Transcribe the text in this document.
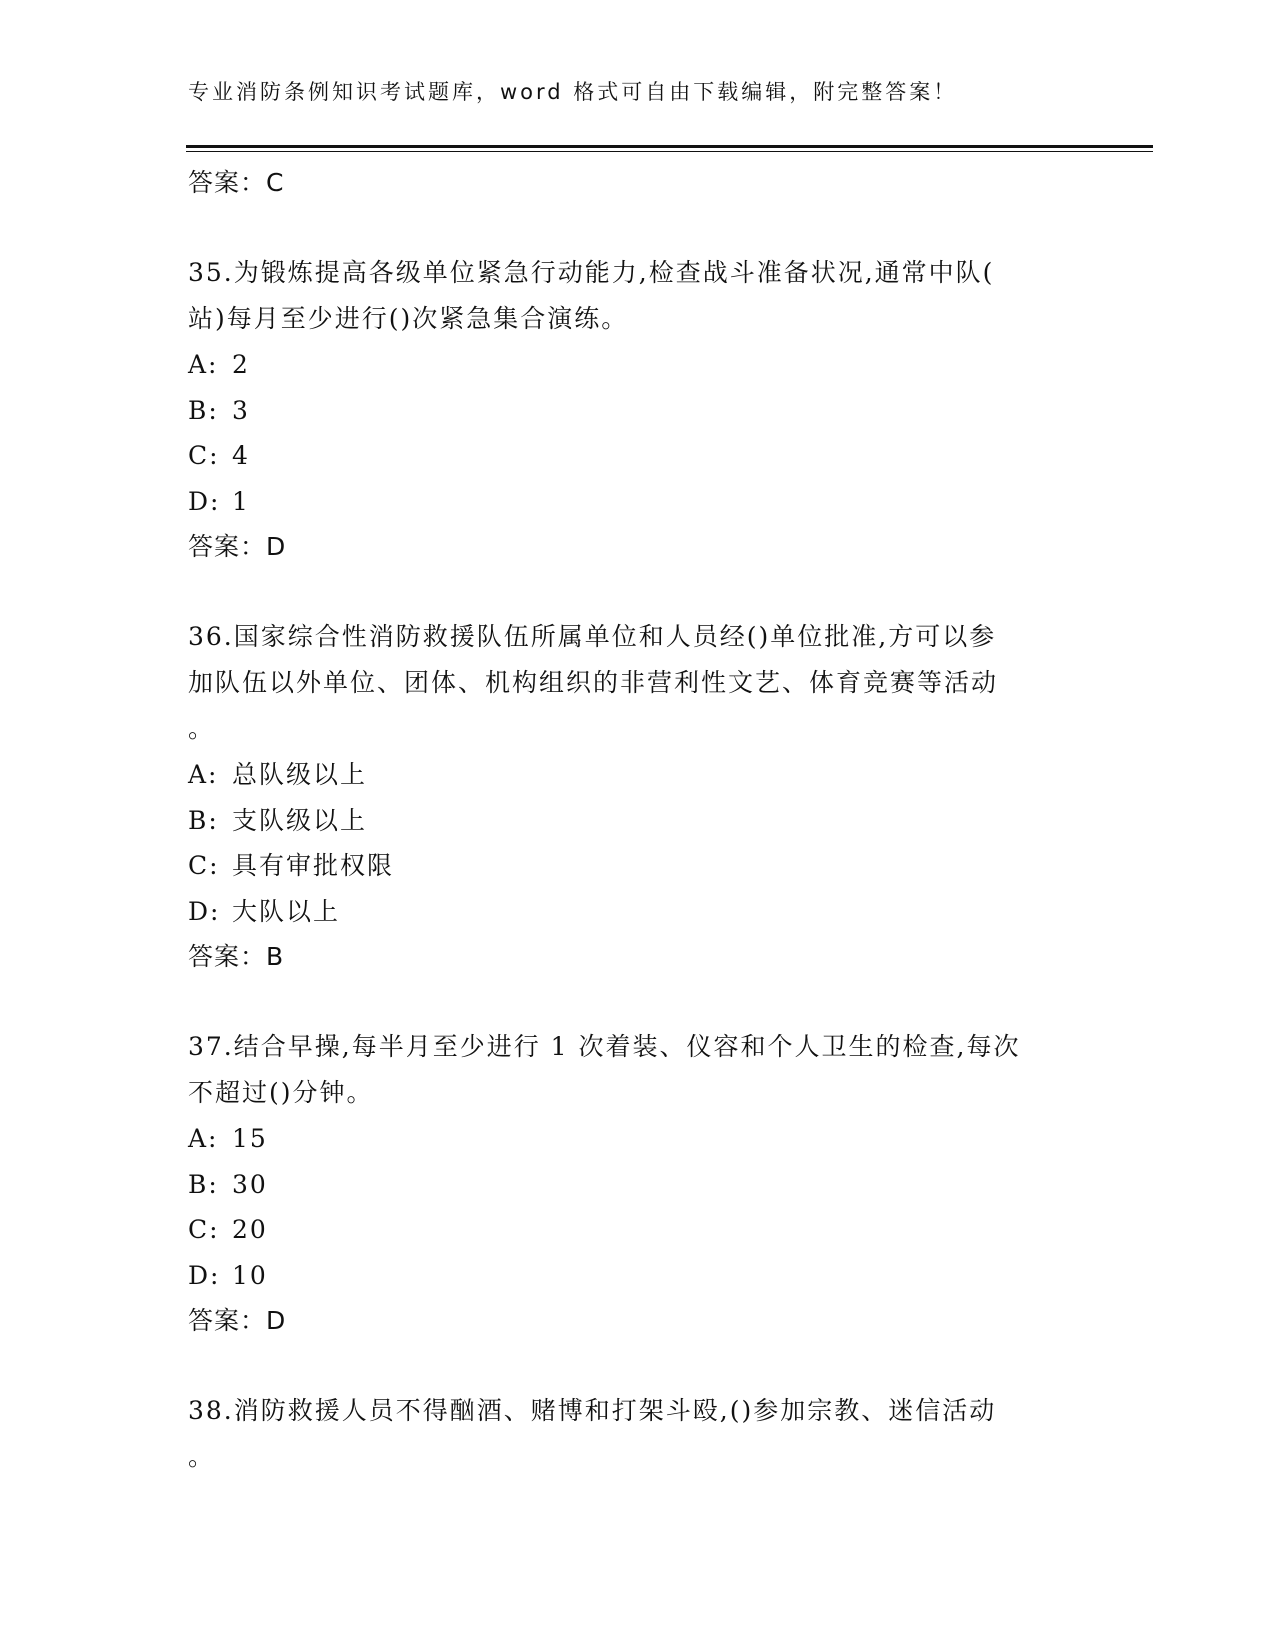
专业消防条例知识考试题库，word 格式可自由下载编辑，附完整答案！
答案：C
35.为锻炼提高各级单位紧急行动能力,检查战斗准备状况,通常中队(
站)每月至少进行()次紧急集合演练。
A: 2
B: 3
C: 4
D: 1
答案：D
36.国家综合性消防救援队伍所属单位和人员经()单位批准,方可以参
加队伍以外单位、团体、机构组织的非营利性文艺、体育竞赛等活动
。
A: 总队级以上
B: 支队级以上
C: 具有审批权限
D: 大队以上
答案：B
37.结合早操,每半月至少进行 1 次着装、仪容和个人卫生的检查,每次
不超过()分钟。
A: 15
B: 30
C: 20
D: 10
答案：D
38.消防救援人员不得酗酒、赌博和打架斗殴,()参加宗教、迷信活动
。
